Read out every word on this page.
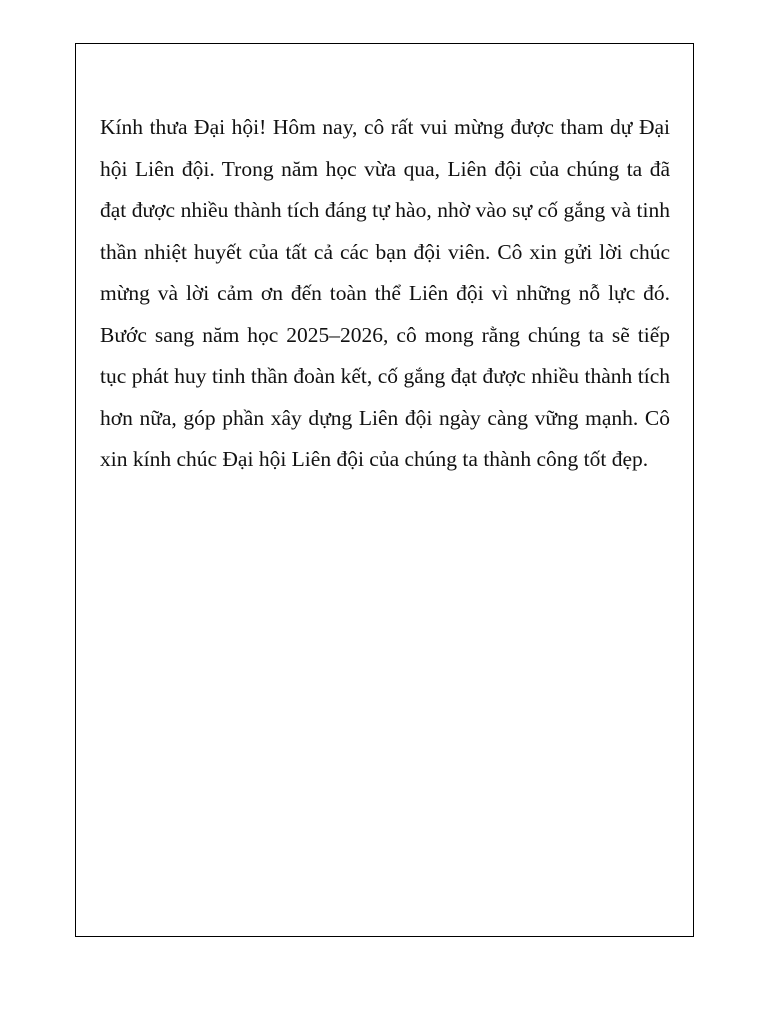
Kính thưa Đại hội! Hôm nay, cô rất vui mừng được tham dự Đại hội Liên đội. Trong năm học vừa qua, Liên đội của chúng ta đã đạt được nhiều thành tích đáng tự hào, nhờ vào sự cố gắng và tinh thần nhiệt huyết của tất cả các bạn đội viên. Cô xin gửi lời chúc mừng và lời cảm ơn đến toàn thể Liên đội vì những nỗ lực đó. Bước sang năm học 2025–2026, cô mong rằng chúng ta sẽ tiếp tục phát huy tinh thần đoàn kết, cố gắng đạt được nhiều thành tích hơn nữa, góp phần xây dựng Liên đội ngày càng vững mạnh. Cô xin kính chúc Đại hội Liên đội của chúng ta thành công tốt đẹp.
